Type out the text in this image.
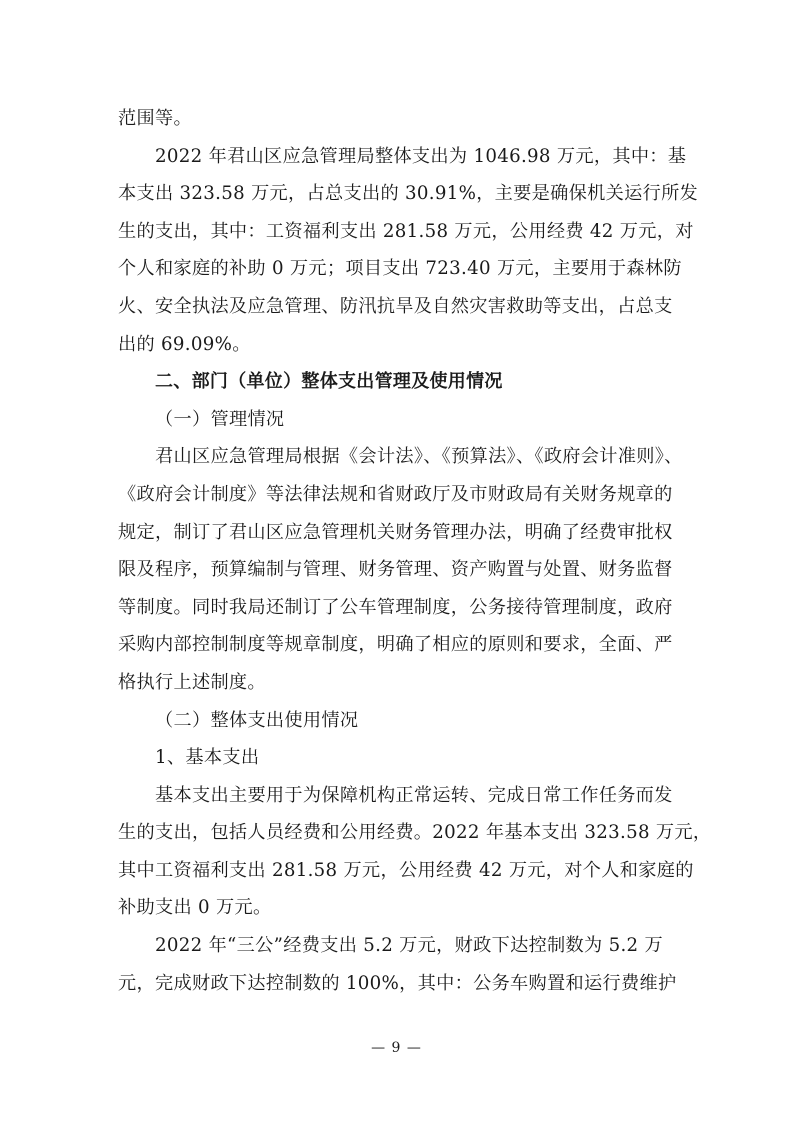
范围等。
2022 年君山区应急管理局整体支出为 1046.98 万元，其中：基
本支出 323.58 万元，占总支出的 30.91%，主要是确保机关运行所发
生的支出，其中：工资福利支出 281.58 万元，公用经费 42 万元，对
个人和家庭的补助 0 万元；项目支出 723.40 万元，主要用于森林防
火、安全执法及应急管理、防汛抗旱及自然灾害救助等支出，占总支
出的 69.09%。
二、部门（单位）整体支出管理及使用情况
（一）管理情况
君山区应急管理局根据《会计法》、《预算法》、《政府会计准则》、
《政府会计制度》等法律法规和省财政厅及市财政局有关财务规章的
规定，制订了君山区应急管理机关财务管理办法，明确了经费审批权
限及程序，预算编制与管理、财务管理、资产购置与处置、财务监督
等制度。同时我局还制订了公车管理制度，公务接待管理制度，政府
采购内部控制制度等规章制度，明确了相应的原则和要求，全面、严
格执行上述制度。
（二）整体支出使用情况
1、基本支出
基本支出主要用于为保障机构正常运转、完成日常工作任务而发
生的支出，包括人员经费和公用经费。2022 年基本支出 323.58 万元，
其中工资福利支出 281.58 万元，公用经费 42 万元，对个人和家庭的
补助支出 0 万元。
2022 年“三公”经费支出 5.2 万元，财政下达控制数为 5.2 万
元，完成财政下达控制数的 100%，其中：公务车购置和运行费维护
— 9 —
